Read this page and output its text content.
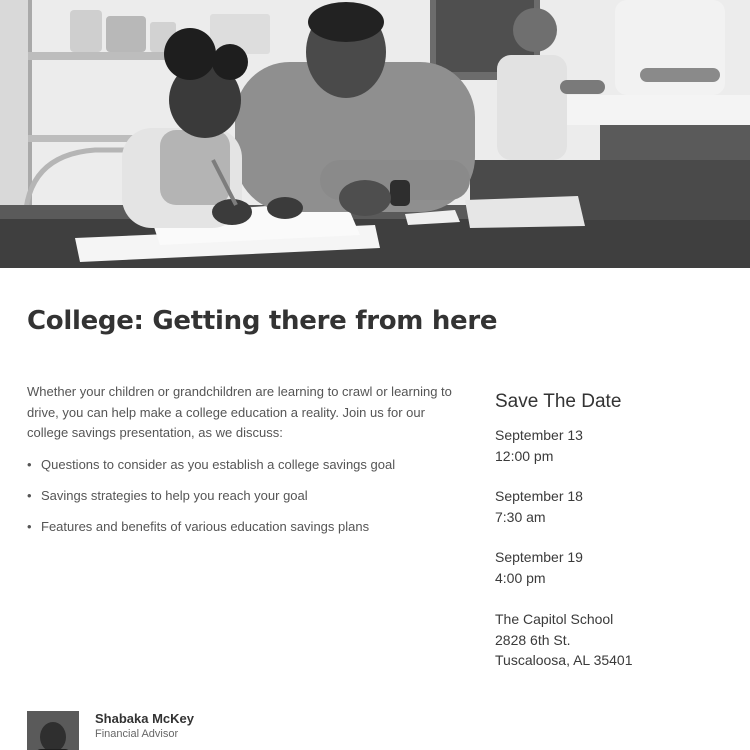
College: Getting there from here

Whether your children or grandchildren are learning to crawl or learning to drive, you can help make a college education a reality. Join us for our college savings presentation, as we discuss:

• Questions to consider as you establish a college savings goal
• Savings strategies to help you reach your goal
• Features and benefits of various education savings plans
Save The Date
September 13
12:00 pm
September 18
7:30 am
September 19
4:00 pm
The Capitol School
2828 6th St.
Tuscaloosa, AL 35401
Shabaka McKey
Financial Advisor
